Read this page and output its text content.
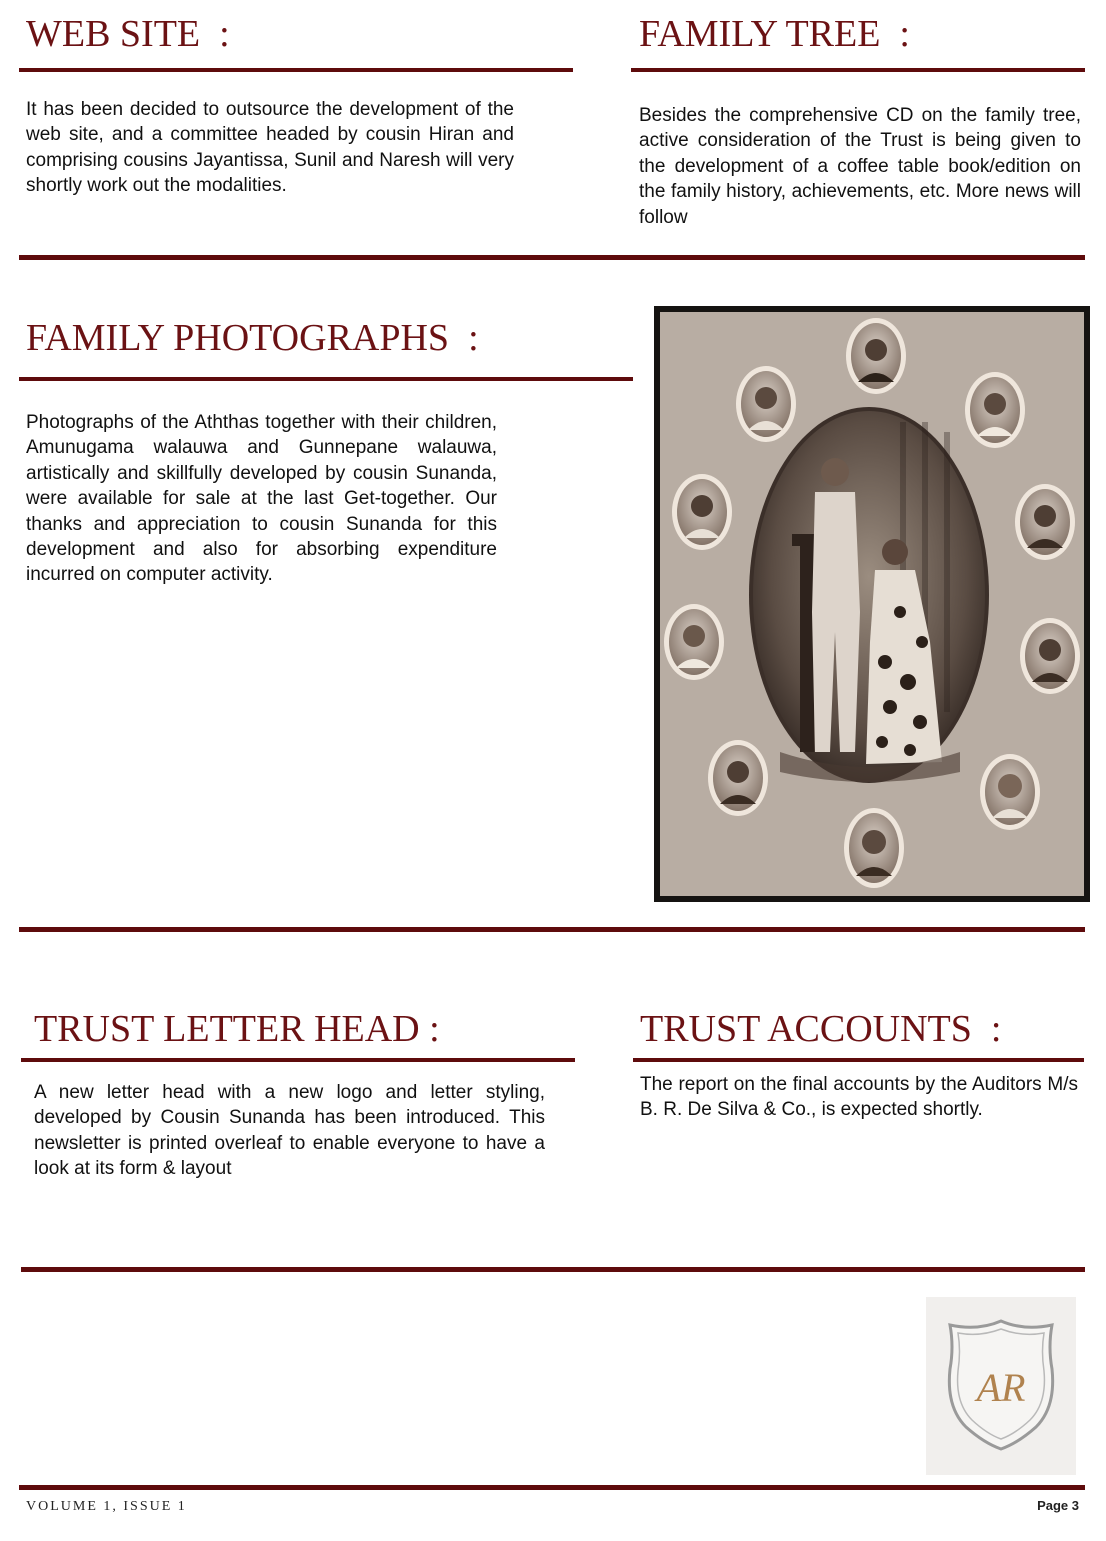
WEB SITE  :

It has been decided to outsource the development of the web site, and a committee headed by cousin Hiran and comprising cousins Jayantissa, Sunil and Naresh will very shortly work out the modalities.

FAMILY TREE  :

Besides the comprehensive CD on the family tree, active consideration of the Trust is being given to the development of a coffee table book/edition on the family history, achievements, etc. More news will follow

FAMILY PHOTOGRAPHS  :

Photographs of the Aththas together with their children, Amunugama walauwa and Gunnepane walauwa, artistically and skillfully developed by cousin Sunanda, were available for sale at the last Get-together. Our thanks and appreciation to cousin Sunanda for this development and also for absorbing expenditure incurred on computer activity.

TRUST LETTER HEAD :

A new letter head with a new logo and letter styling, developed by Cousin Sunanda has been introduced. This newsletter is printed overleaf to enable everyone to have a look at its form & layout

TRUST ACCOUNTS  :

The report on the final accounts by the Auditors M/s B. R. De Silva & Co., is expected shortly.

AR
VOLUME 1, ISSUE 1	Page 3
